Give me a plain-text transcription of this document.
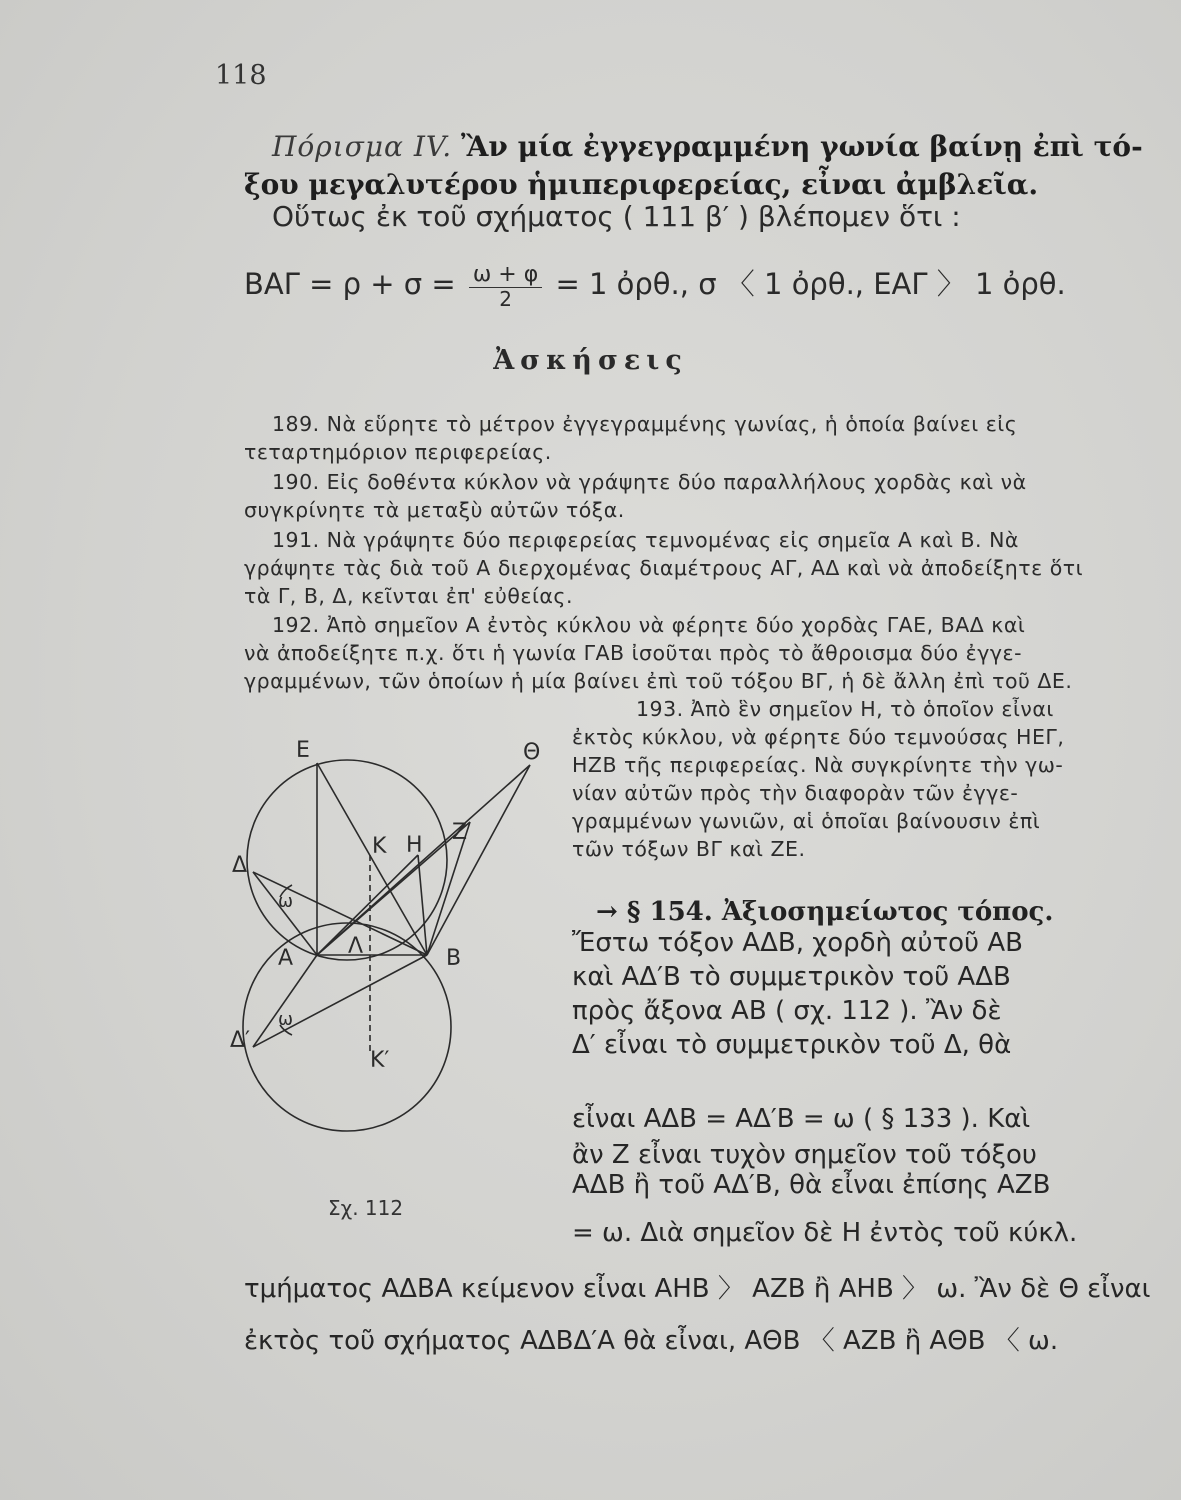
118
Πόρισμα IV. Ἂν μία ἐγγεγραμμένη γωνία βαίνῃ ἐπὶ τό-
ξου μεγαλυτέρου ἡμιπεριφερείας, εἶναι ἀμβλεῖα.
Οὕτως ἐκ τοῦ σχήματος ( 111 β′ ) βλέπομεν ὅτι :
$BA\Gamma = \rho + \sigma = \frac{\omega + \varphi}{2} = 1$ ὀρθ., σ 〈 1 ὀρθ., ΕΑΓ 〉 1 ὀρθ.
Ἀσκήσεις
189. Νὰ εὕρητε τὸ μέτρον ἐγγεγραμμένης γωνίας, ἡ ὁποία βαίνει εἰς
τεταρτημόριον περιφερείας.
190. Εἰς δοθέντα κύκλον νὰ γράψητε δύο παραλλήλους χορδὰς καὶ νὰ
συγκρίνητε τὰ μεταξὺ αὐτῶν τόξα.
191. Νὰ γράψητε δύο περιφερείας τεμνομένας εἰς σημεῖα Α καὶ Β. Νὰ
γράψητε τὰς διὰ τοῦ Α διερχομένας διαμέτρους ΑΓ, ΑΔ καὶ νὰ ἀποδείξητε ὅτι
τὰ Γ, Β, Δ, κεῖνται ἐπ' εὐθείας.
192. Ἀπὸ σημεῖον Α ἐντὸς κύκλου νὰ φέρητε δύο χορδὰς ΓΑΕ, ΒΑΔ καὶ
νὰ ἀποδείξητε π.χ. ὅτι ἡ γωνία ΓΑΒ ἰσοῦται πρὸς τὸ ἄθροισμα δύο ἐγγε-
γραμμένων, τῶν ὁποίων ἡ μία βαίνει ἐπὶ τοῦ τόξου ΒΓ, ἡ δὲ ἄλλη ἐπὶ τοῦ ΔΕ.
193. Ἀπὸ ἓν σημεῖον Η, τὸ ὁποῖον εἶναι
ἐκτὸς κύκλου, νὰ φέρητε δύο τεμνούσας ΗΕΓ,
ΗΖΒ τῆς περιφερείας. Νὰ συγκρίνητε τὴν γω-
νίαν αὐτῶν πρὸς τὴν διαφορὰν τῶν ἐγγε-
γραμμένων γωνιῶν, αἱ ὁποῖαι βαίνουσιν ἐπὶ
τῶν τόξων ΒΓ καὶ ΖΕ.
→ § 154. Ἀξιοσημείωτος τόπος.
Ἔστω τόξον ΑΔΒ, χορδὴ αὐτοῦ ΑΒ
καὶ ΑΔ′Β τὸ συμμετρικὸν τοῦ ΑΔΒ
πρὸς ἄξονα ΑΒ ( σχ. 112 ). Ἂν δὲ
Δ′ εἶναι τὸ συμμετρικὸν τοῦ Δ, θὰ
εἶναι ΑΔΒ = ΑΔ′Β = ω ( § 133 ). Καὶ
ἂν Ζ εἶναι τυχὸν σημεῖον τοῦ τόξου
ΑΔΒ ἢ τοῦ ΑΔ′Β, θὰ εἶναι ἐπίσης ΑΖΒ
= ω. Διὰ σημεῖον δὲ Η ἐντὸς τοῦ κύκλ.
τμήματος ΑΔΒΑ κείμενον εἶναι ΑΗΒ 〉 ΑΖΒ ἢ ΑΗΒ 〉 ω. Ἂν δὲ Θ εἶναι
ἐκτὸς τοῦ σχήματος ΑΔΒΔ′Α θὰ εἶναι, ΑΘΒ 〈 ΑΖΒ ἢ ΑΘΒ 〈 ω.
Ε	Θ
Ζ
Κ Η
Δ
ω
Α Λ	Β
ω
Δ′
Κ′
Σχ. 112
